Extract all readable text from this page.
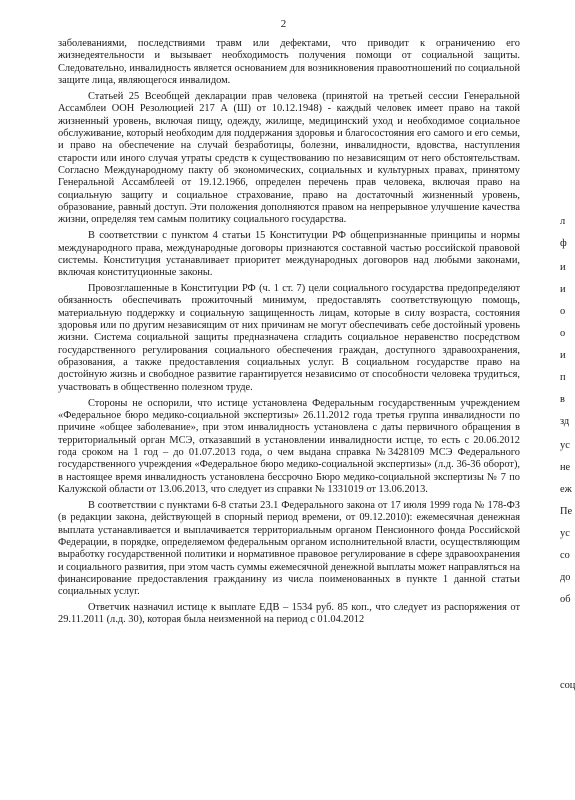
2

заболеваниями, последствиями травм или дефектами, что приводит к ограничению его жизнедеятельности и вызывает необходимость получения помощи от социальной защиты. Следовательно, инвалидность является основанием для возникновения правоотношений по социальной защите лица, являющегося инвалидом.

Статьей 25 Всеобщей декларации прав человека (принятой на третьей сессии Генеральной Ассамблеи ООН Резолюцией 217 А (Ш) от 10.12.1948) - каждый человек имеет право на такой жизненный уровень, включая пищу, одежду, жилище, медицинский уход и необходимое социальное обслуживание, который необходим для поддержания здоровья и благосостояния его самого и его семьи, и право на обеспечение на случай безработицы, болезни, инвалидности, вдовства, наступления старости или иного случая утраты средств к существованию по независящим от него обстоятельствам. Согласно Международному пакту об экономических, социальных и культурных правах, принятому Генеральной Ассамблеей от 19.12.1966, определен перечень прав человека, включая право на социальную защиту и социальное страхование, право на достаточный жизненный уровень, образование, равный доступ. Эти положения дополняются правом на непрерывное улучшение качества жизни, определяя тем самым политику социального государства.

В соответствии с пунктом 4 статьи 15 Конституции РФ общепризнанные принципы и нормы международного права, международные договоры признаются составной частью российской правовой системы. Конституция устанавливает приоритет международных договоров над любыми законами, включая конституционные законы.

Провозглашенные в Конституции РФ (ч. 1 ст. 7) цели социального государства предопределяют обязанность обеспечивать прожиточный минимум, предоставлять соответствующую помощь, материальную поддержку и социальную защищенность лицам, которые в силу возраста, состояния здоровья или по другим независящим от них причинам не могут обеспечивать себе достойный уровень жизни. Система социальной защиты предназначена сгладить социальное неравенство посредством государственного регулирования социального обеспечения граждан, доступного здравоохранения, образования, а также предоставления социальных услуг. В социальном государстве право на достойную жизнь и свободное развитие гарантируется независимо от способности человека трудиться, участвовать в общественно полезном труде.

Стороны не оспорили, что истице установлена Федеральным государственным учреждением «Федеральное бюро медико-социальной экспертизы» 26.11.2012 года третья группа инвалидности по причине «общее заболевание», при этом инвалидность установлена с даты первичного обращения в территориальный орган МСЭ, отказавший в установлении инвалидности истце, то есть с 20.06.2012 года сроком на 1 год – до 01.07.2013 года, о чем выдана справка №3428109 МСЭ Федерального государственного учреждения «Федеральное бюро медико-социальной экспертизы» (л.д. 36-36 оборот), в настоящее время инвалидность установлена бессрочно Бюро медико-социальной экспертизы № 7 по Калужской области от 13.06.2013, что следует из справки № 1331019 от 13.06.2013.

В соответствии с пунктами 6-8 статьи 23.1 Федерального закона от 17 июля 1999 года № 178-ФЗ (в редакции закона, действующей в спорный период времени, от 09.12.2010): ежемесячная денежная выплата устанавливается и выплачивается территориальным органом Пенсионного фонда Российской Федерации, в порядке, определяемом федеральным органом исполнительной власти, осуществляющим выработку государственной политики и нормативное правовое регулирование в сфере здравоохранения и социального развития, при этом часть суммы ежемесячной денежной выплаты может направляться на финансирование предоставления гражданину из числа поименованных в пункте 1 данной статьи социальных услуг.

Ответчик назначил истице к выплате ЕДВ – 1534 руб. 85 коп., что следует из распоряжения от 29.11.2011 (л.д. 30), которая была неизменной на период с 01.04.2012

л
ф
и
и
о
о
и
п
в
зд
ус
не
еж
Пе
ус
со
до
об
соц
